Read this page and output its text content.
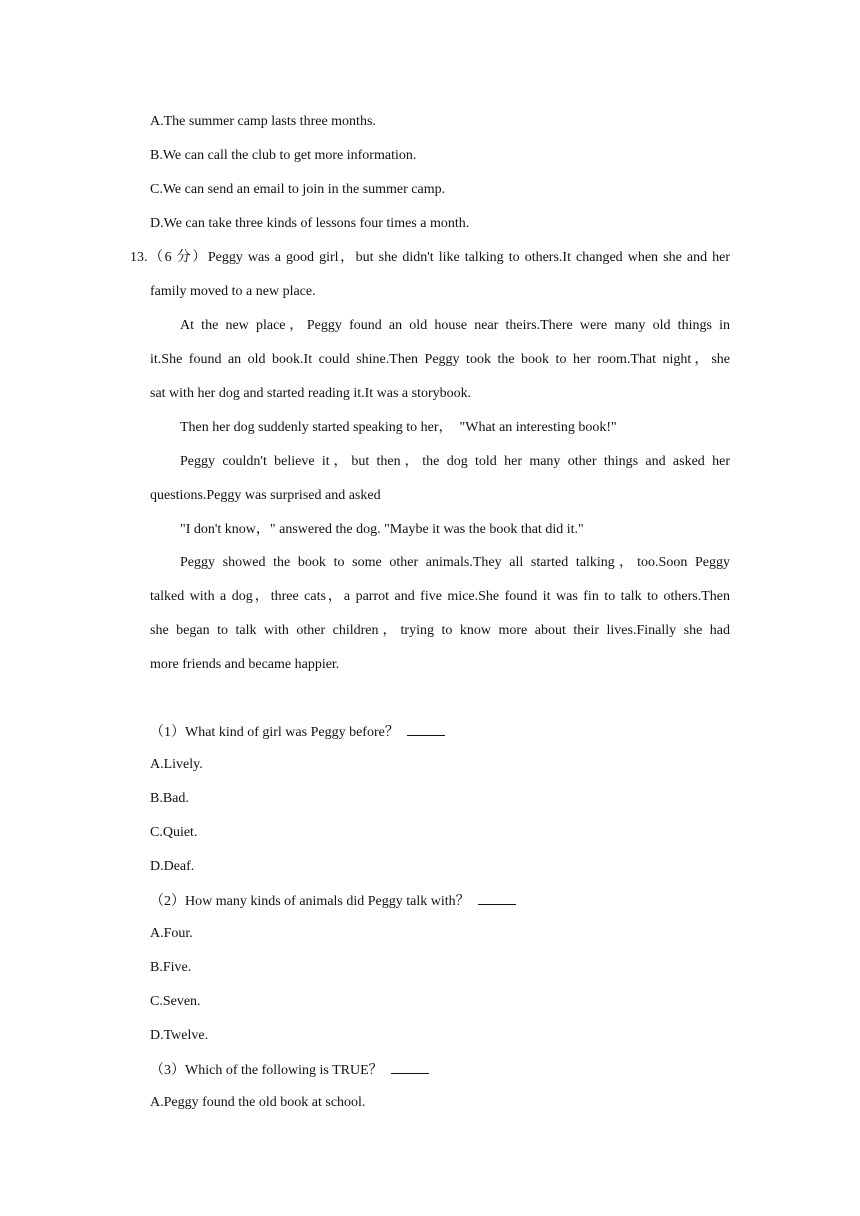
A.The summer camp lasts three months.
B.We can call the club to get more information.
C.We can send an email to join in the summer camp.
D.We can take three kinds of lessons four times a month.
13.（6 分）Peggy was a good girl，but she didn't like talking to others.It changed when she and her
family moved to a new place.
At the new place，Peggy found an old house near theirs.There were many old things in
it.She found an old book.It could shine.Then Peggy took the book to her room.That night，she
sat with her dog and started reading it.It was a storybook.
Then her dog suddenly started speaking to her，  "What an interesting book!"
Peggy couldn't believe it，but then，the dog told her many other things and asked her
questions.Peggy was surprised and asked
"I don't know，" answered the dog. "Maybe it was the book that did it."
Peggy showed the book to some other animals.They all started talking，too.Soon Peggy
talked with a dog，three cats，a parrot and five mice.She found it was fin to talk to others.Then
she began to talk with other children，trying to know more about their lives.Finally she had
more friends and became happier.
（1）What kind of girl was Peggy before？
A.Lively.
B.Bad.
C.Quiet.
D.Deaf.
（2）How many kinds of animals did Peggy talk with？
A.Four.
B.Five.
C.Seven.
D.Twelve.
（3）Which of the following is TRUE？
A.Peggy found the old book at school.
